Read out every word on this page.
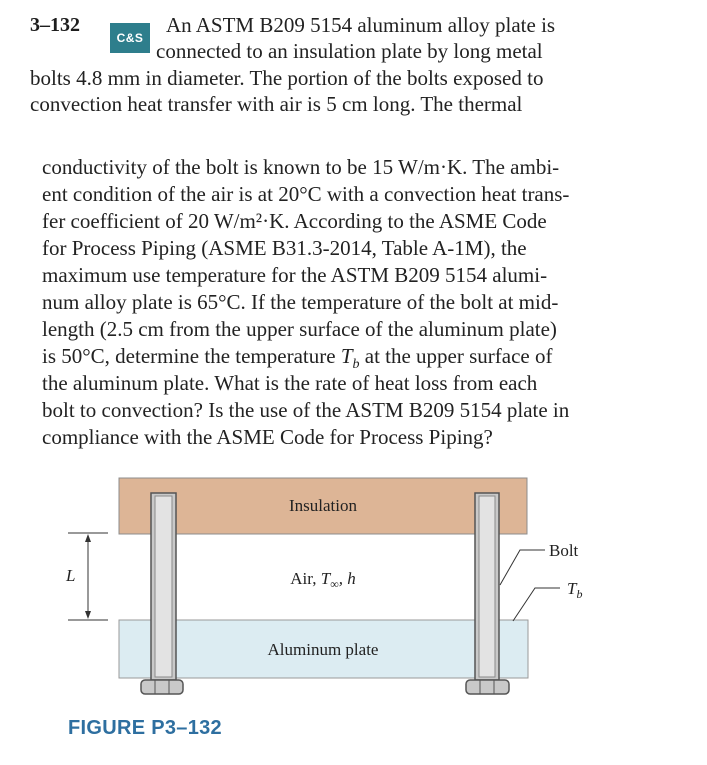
3–132
C&S
An ASTM B209 5154 aluminum alloy plate is
connected to an insulation plate by long metal
bolts 4.8 mm in diameter. The portion of the bolts exposed to
convection heat transfer with air is 5 cm long. The thermal
conductivity of the bolt is known to be 15 W/m·K. The ambi-
ent condition of the air is at 20°C with a convection heat trans-
fer coefficient of 20 W/m²·K. According to the ASME Code
for Process Piping (ASME B31.3-2014, Table A-1M), the
maximum use temperature for the ASTM B209 5154 alumi-
num alloy plate is 65°C. If the temperature of the bolt at mid-
length (2.5 cm from the upper surface of the aluminum plate)
is 50°C, determine the temperature $T_b$ at the upper surface of
the aluminum plate. What is the rate of heat loss from each
bolt to convection? Is the use of the ASTM B209 5154 plate in
compliance with the ASME Code for Process Piping?
Insulation
Air, $T_\infty$, h
Aluminum plate
Bolt
$T_b$
L
FIGURE P3–132
